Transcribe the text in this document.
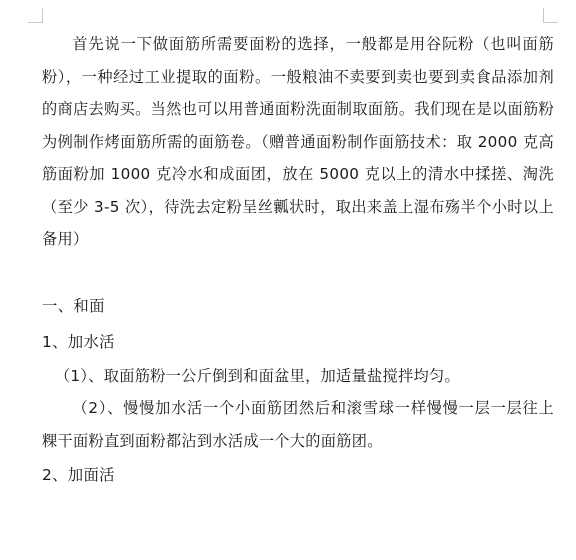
首先说一下做面筋所需要面粉的选择，一般都是用谷阮粉（也叫面筋粉），一种经过工业提取的面粉。一般粮油不卖要到卖也要到卖食品添加剂的商店去购买。当然也可以用普通面粉洗面制取面筋。我们现在是以面筋粉为例制作烤面筋所需的面筋卷。（赠普通面粉制作面筋技术：取 2000 克高筋面粉加 1000 克冷水和成面团，放在 5000 克以上的清水中揉搓、淘洗（至少 3-5 次），待洗去定粉呈丝瓤状时，取出来盖上湿布殇半个小时以上备用）

一、和面

1、加水活

（1）、取面筋粉一公斤倒到和面盆里，加适量盐搅拌均匀。

（2）、慢慢加水活一个小面筋团然后和滚雪球一样慢慢一层一层往上粿干面粉直到面粉都沾到水活成一个大的面筋团。

2、加面活
